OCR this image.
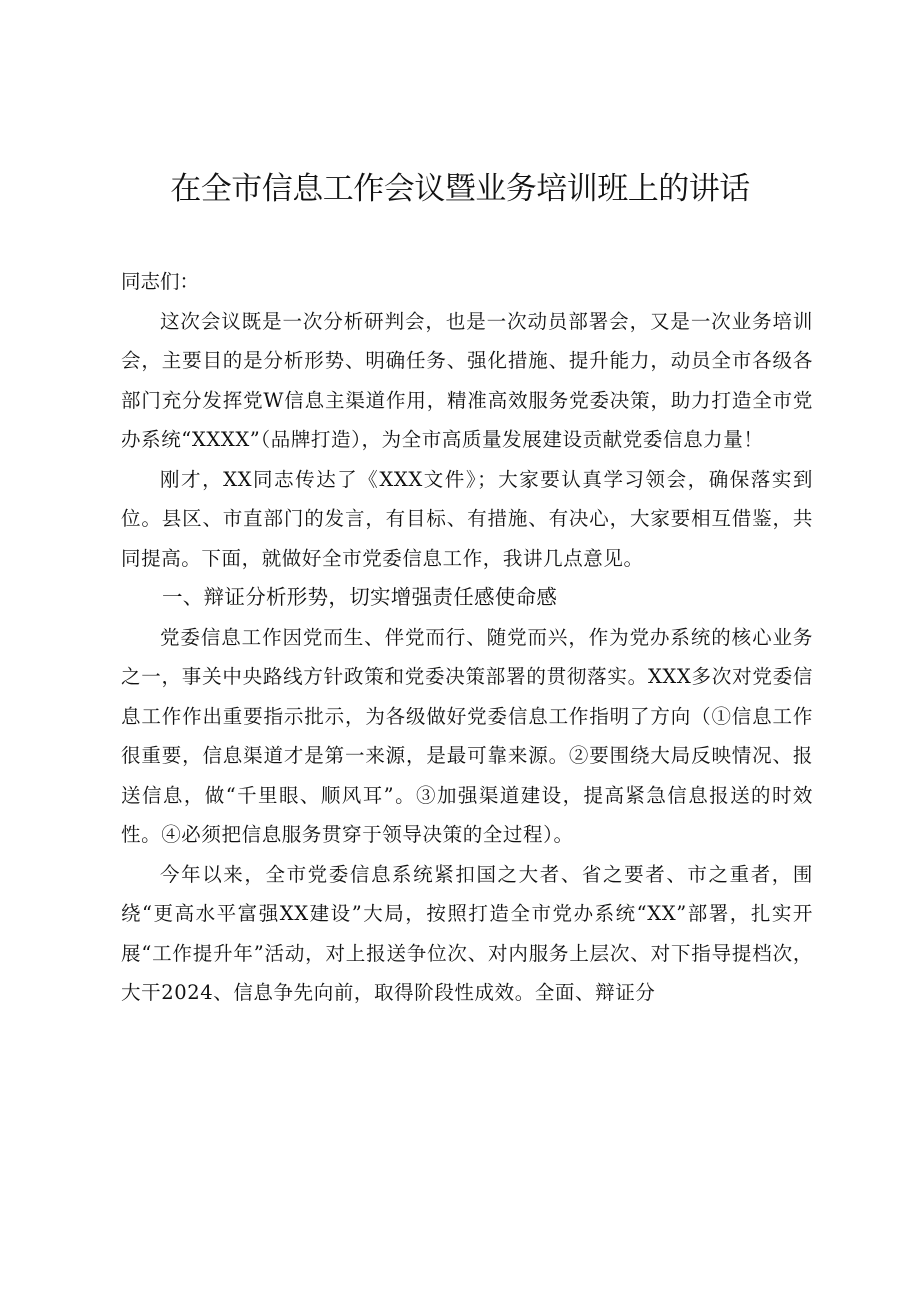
在全市信息工作会议暨业务培训班上的讲话

同志们：

这次会议既是一次分析研判会，也是一次动员部署会，又是一次业务培训会，主要目的是分析形势、明确任务、强化措施、提升能力，动员全市各级各部门充分发挥党W信息主渠道作用，精准高效服务党委决策，助力打造全市党办系统“XXXX”（品牌打造），为全市高质量发展建设贡献党委信息力量！

刚才，XX同志传达了《XXX文件》；大家要认真学习领会，确保落实到位。县区、市直部门的发言，有目标、有措施、有决心，大家要相互借鉴，共同提高。下面，就做好全市党委信息工作，我讲几点意见。

一、辩证分析形势，切实增强责任感使命感

党委信息工作因党而生、伴党而行、随党而兴，作为党办系统的核心业务之一，事关中央路线方针政策和党委决策部署的贯彻落实。XXX多次对党委信息工作作出重要指示批示，为各级做好党委信息工作指明了方向（①信息工作很重要，信息渠道才是第一来源，是最可靠来源。②要围绕大局反映情况、报送信息，做“千里眼、顺风耳”。③加强渠道建设，提高紧急信息报送的时效性。④必须把信息服务贯穿于领导决策的全过程）。

今年以来，全市党委信息系统紧扣国之大者、省之要者、市之重者，围绕“更高水平富强XX建设”大局，按照打造全市党办系统“XX”部署，扎实开展“工作提升年”活动，对上报送争位次、对内服务上层次、对下指导提档次，大干2024、信息争先向前，取得阶段性成效。全面、辩证分
